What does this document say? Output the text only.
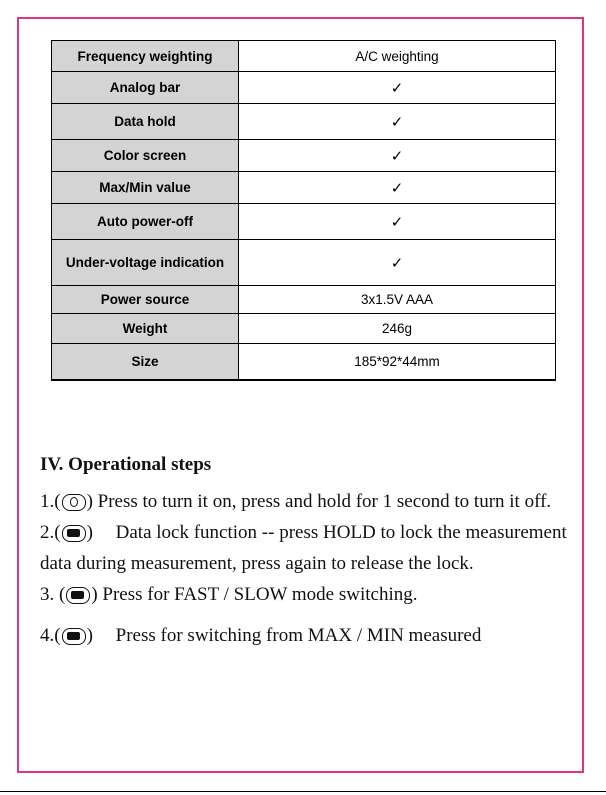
Frequency weighting	A/C weighting
Analog bar	✓
Data hold	✓
Color screen	✓
Max/Min value	✓
Auto power-off	✓
Under-voltage indication	✓
Power source	3x1.5V AAA
Weight	246g
Size	185*92*44mm
IV. Operational steps

1.( ) Press to turn it on, press and hold for 1 second to turn it off.

2.( ) Data lock function -- press HOLD to lock the measurement data during measurement, press again to release the lock.

3. ( ) Press for FAST / SLOW mode switching.

4.( ) Press for switching from MAX / MIN measured
